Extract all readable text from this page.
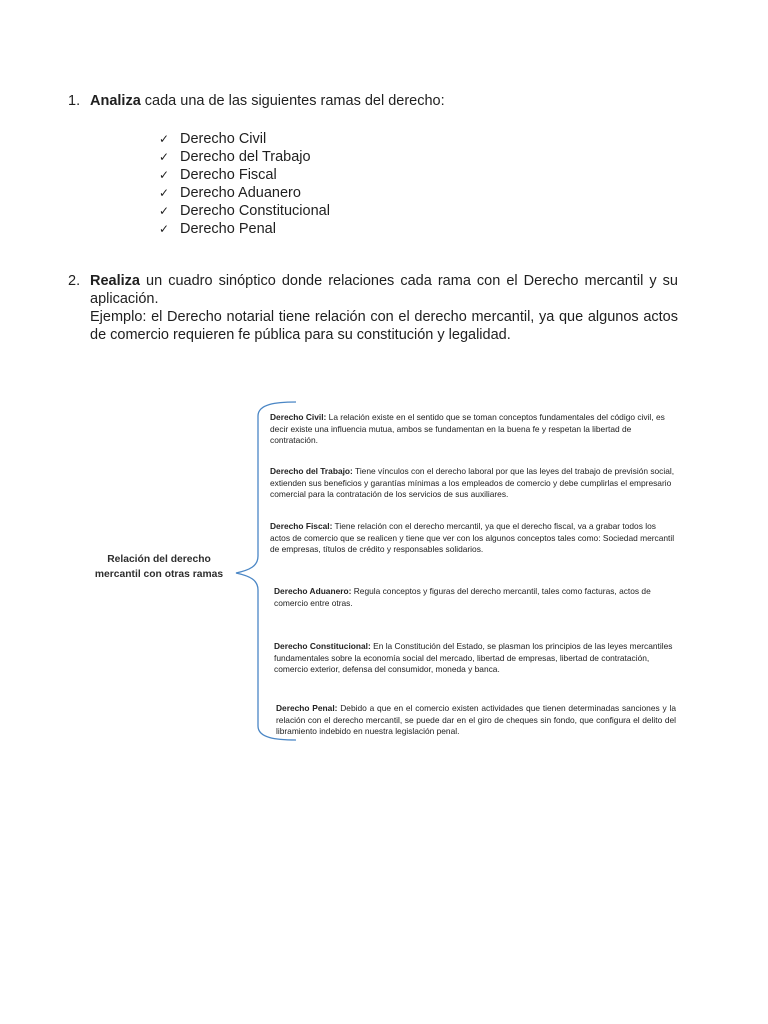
1. Analiza cada una de las siguientes ramas del derecho:

✓ Derecho Civil
✓ Derecho del Trabajo
✓ Derecho Fiscal
✓ Derecho Aduanero
✓ Derecho Constitucional
✓ Derecho Penal
2. Realiza un cuadro sinóptico donde relaciones cada rama con el Derecho mercantil y su aplicación.

Ejemplo: el Derecho notarial tiene relación con el derecho mercantil, ya que algunos actos de comercio requieren fe pública para su constitución y legalidad.

Relación del derecho mercantil con otras ramas
Derecho Civil: La relación existe en el sentido que se toman conceptos fundamentales del código civil, es decir existe una influencia mutua, ambos se fundamentan en la buena fe y respetan la libertad de contratación.
Derecho del Trabajo: Tiene vínculos con el derecho laboral por que las leyes del trabajo de previsión social, extienden sus beneficios y garantías mínimas a los empleados de comercio y debe cumplirlas el empresario comercial para la contratación de los servicios de sus auxiliares.
Derecho Fiscal: Tiene relación con el derecho mercantil, ya que el derecho fiscal, va a grabar todos los actos de comercio que se realicen y tiene que ver con los algunos conceptos tales como: Sociedad mercantil de empresas, títulos de crédito y responsables solidarios.
Derecho Aduanero: Regula conceptos y figuras del derecho mercantil, tales como facturas, actos de comercio entre otras.
Derecho Constitucional: En la Constitución del Estado, se plasman los principios de las leyes mercantiles fundamentales sobre la economía social del mercado, libertad de empresas, libertad de contratación, comercio exterior, defensa del consumidor, moneda y banca.
Derecho Penal: Debido a que en el comercio existen actividades que tienen determinadas sanciones y la relación con el derecho mercantil, se puede dar en el giro de cheques sin fondo, que configura el delito del libramiento indebido en nuestra legislación penal.
